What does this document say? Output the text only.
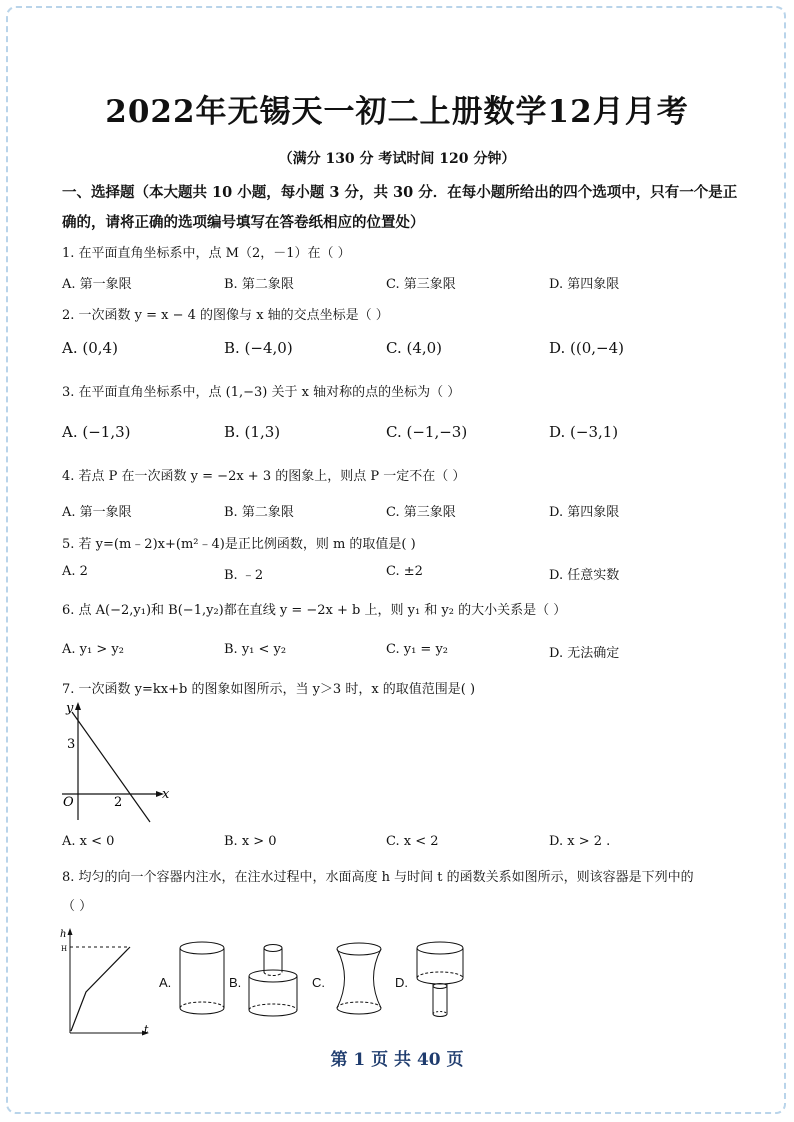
2022年无锡天一初二上册数学12月月考
（满分 130 分 考试时间 120 分钟）
一、选择题（本大题共 10 小题，每小题 3 分，共 30 分．在每小题所给出的四个选项中，只有一个是正确的，请将正确的选项编号填写在答卷纸相应的位置处）
1. 在平面直角坐标系中，点 M（2，－1）在（ ）
A. 第一象限	B. 第二象限	C. 第三象限	D. 第四象限
2. 一次函数 y = x − 4 的图像与 x 轴的交点坐标是（ ）
A. (0,4)	B. (−4,0)	C. (4,0)	D. ((0,−4)
3. 在平面直角坐标系中，点 (1,−3) 关于 x 轴对称的点的坐标为（ ）
A. (−1,3)	B. (1,3)	C. (−1,−3)	D. (−3,1)
4. 若点 P 在一次函数 y = −2x + 3 的图象上，则点 P 一定不在（ ）
A. 第一象限	B. 第二象限	C. 第三象限	D. 第四象限
5. 若 y=(m﹣2)x+(m²﹣4)是正比例函数，则 m 的取值是( )
A. 2	B. ﹣2	C. ±2	D. 任意实数
6. 点 A(−2,y₁)和 B(−1,y₂)都在直线 y = −2x + b 上，则 y₁ 和 y₂ 的大小关系是（ ）
A. y₁ > y₂	B. y₁ < y₂	C. y₁ = y₂	D. 无法确定
7. 一次函数 y=kx+b 的图象如图所示，当 y＞3 时，x 的取值范围是( )
y
x
O
3
2
A. x < 0	B. x > 0	C. x < 2	D. x > 2 .
8. 均匀的向一个容器内注水，在注水过程中，水面高度 h 与时间 t 的函数关系如图所示，则该容器是下列中的
（ ）
h
H
t
A.	B.	C.	D.
第 1 页 共 40 页
